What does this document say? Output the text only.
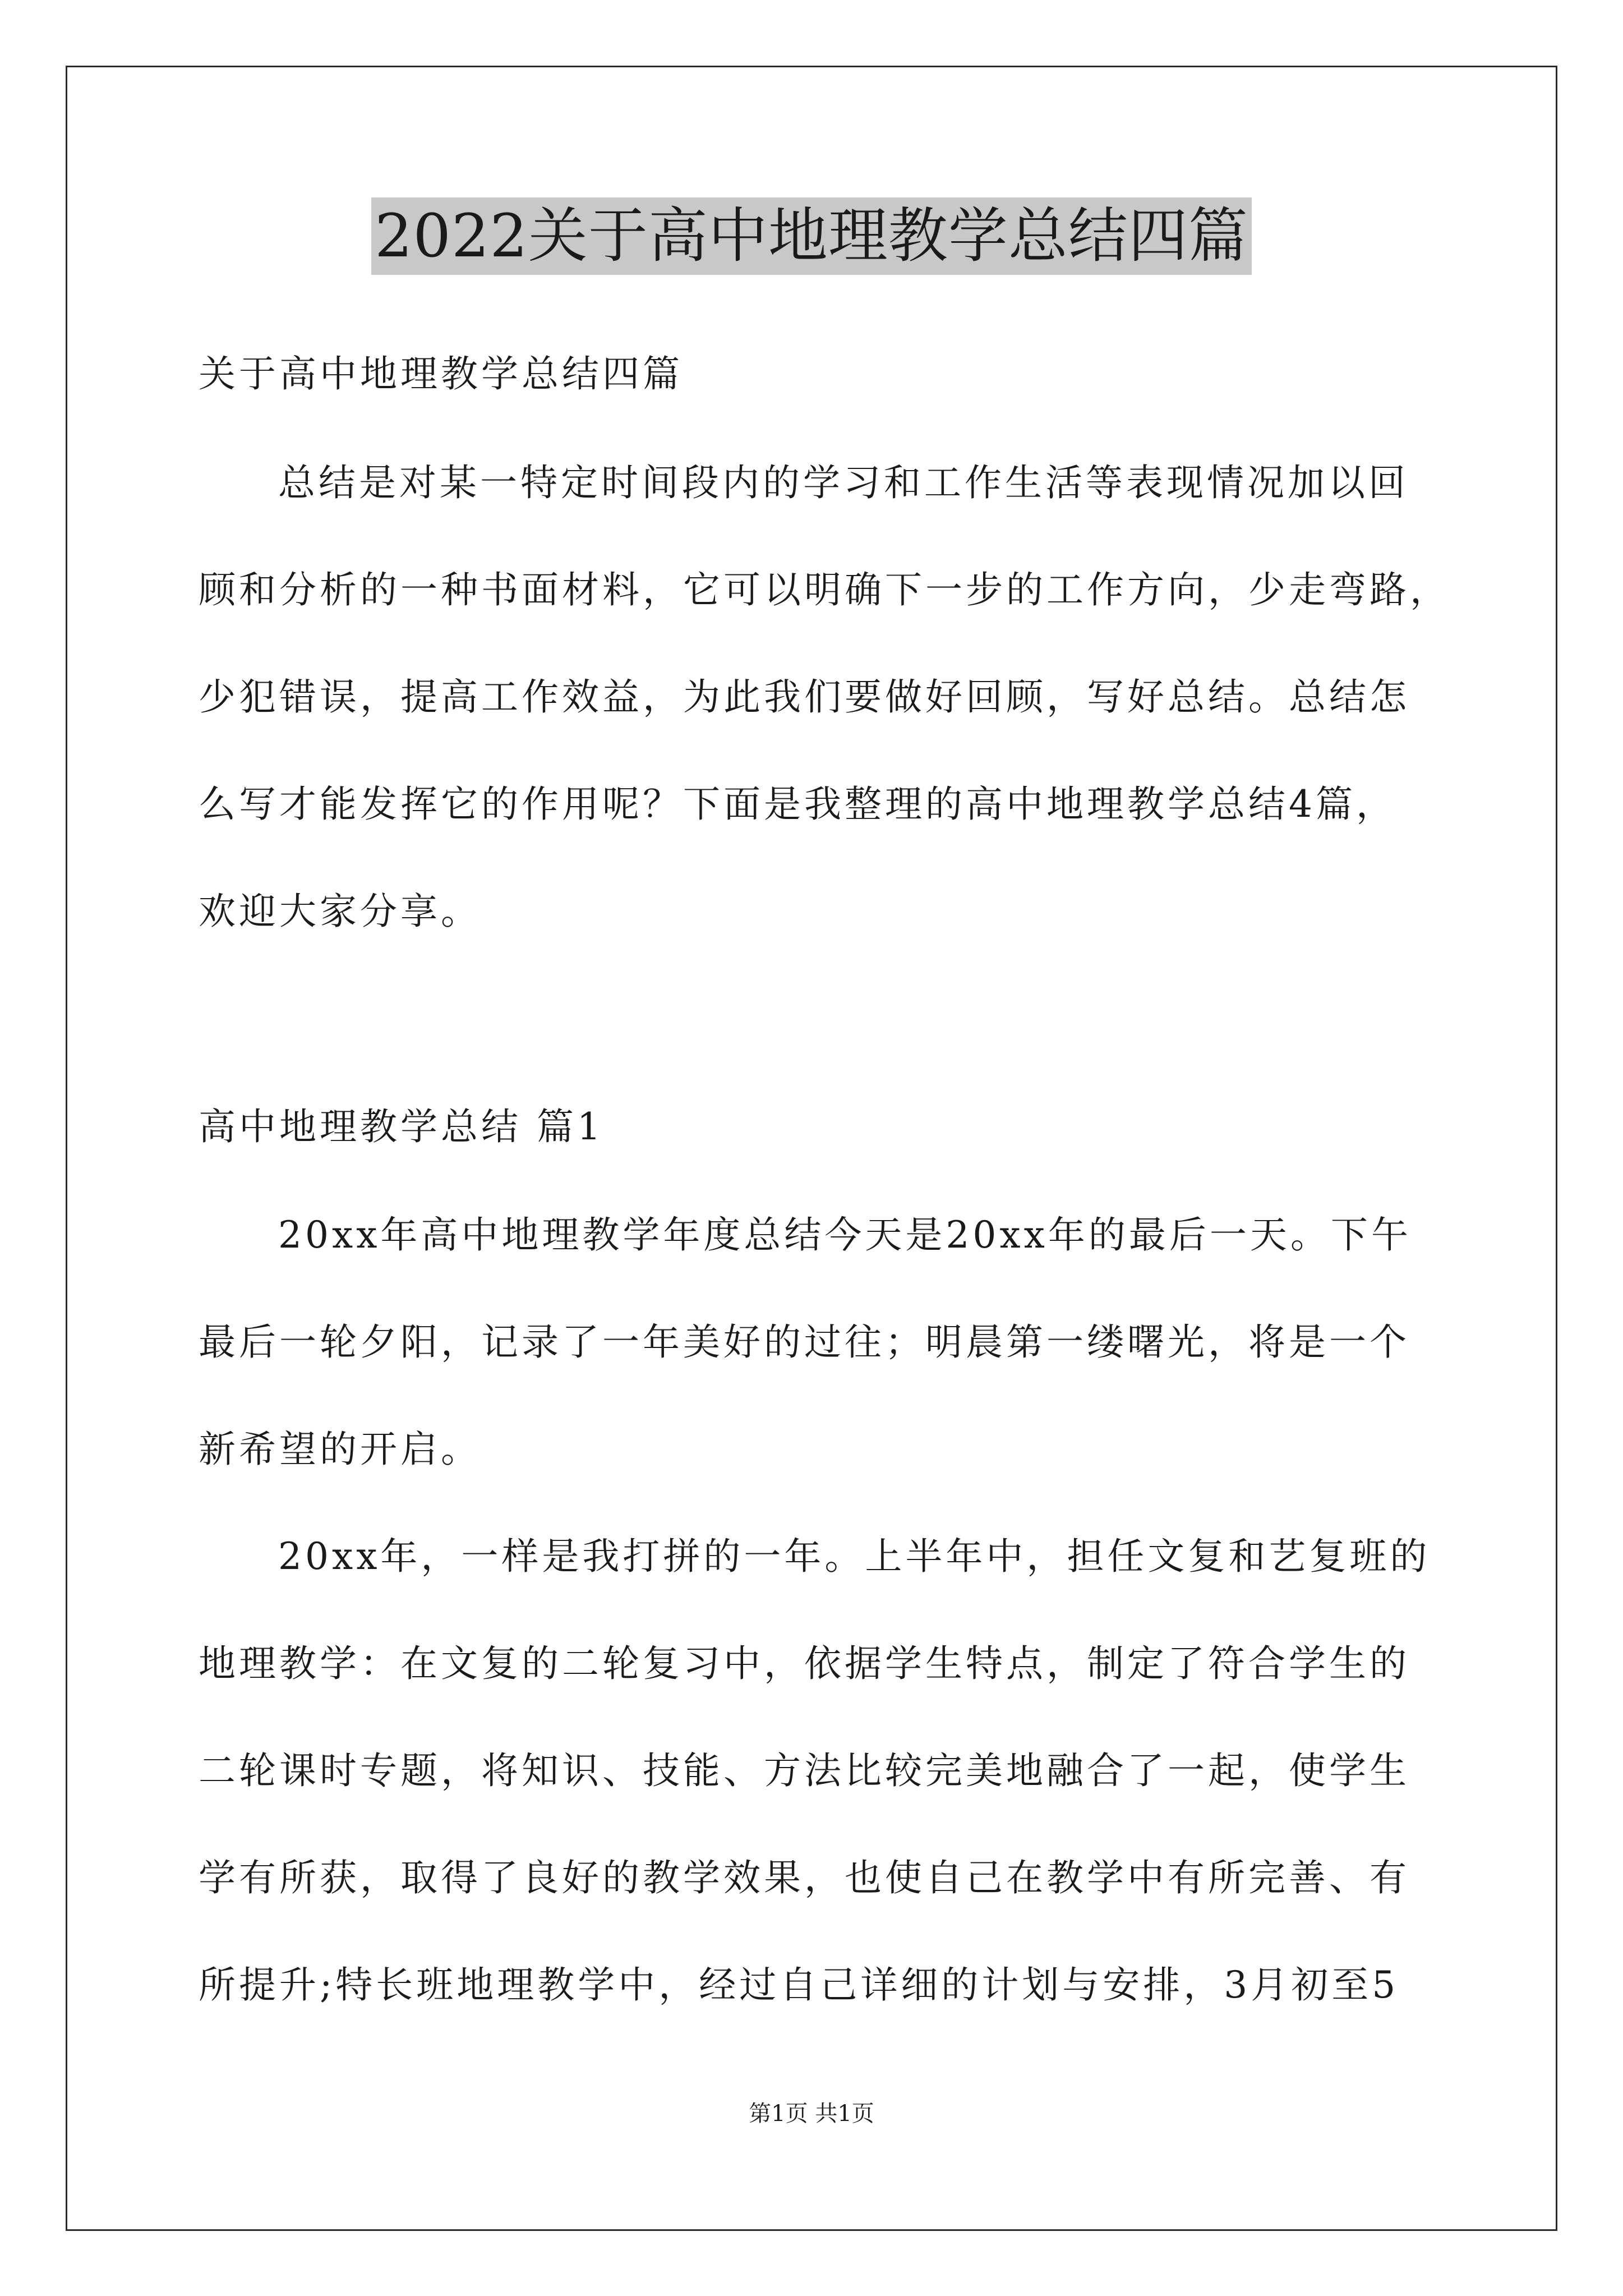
2022关于高中地理教学总结四篇
关于高中地理教学总结四篇
总结是对某一特定时间段内的学习和工作生活等表现情况加以回
顾和分析的一种书面材料，它可以明确下一步的工作方向，少走弯路，
少犯错误，提高工作效益，为此我们要做好回顾，写好总结。总结怎
么写才能发挥它的作用呢？下面是我整理的高中地理教学总结4篇，
欢迎大家分享。
高中地理教学总结 篇1
20xx年高中地理教学年度总结今天是20xx年的最后一天。下午
最后一轮夕阳，记录了一年美好的过往；明晨第一缕曙光，将是一个
新希望的开启。
20xx年，一样是我打拼的一年。上半年中，担任文复和艺复班的
地理教学：在文复的二轮复习中，依据学生特点，制定了符合学生的
二轮课时专题，将知识、技能、方法比较完美地融合了一起，使学生
学有所获，取得了良好的教学效果，也使自己在教学中有所完善、有
所提升;特长班地理教学中，经过自己详细的计划与安排，3月初至5
第1页 共1页
